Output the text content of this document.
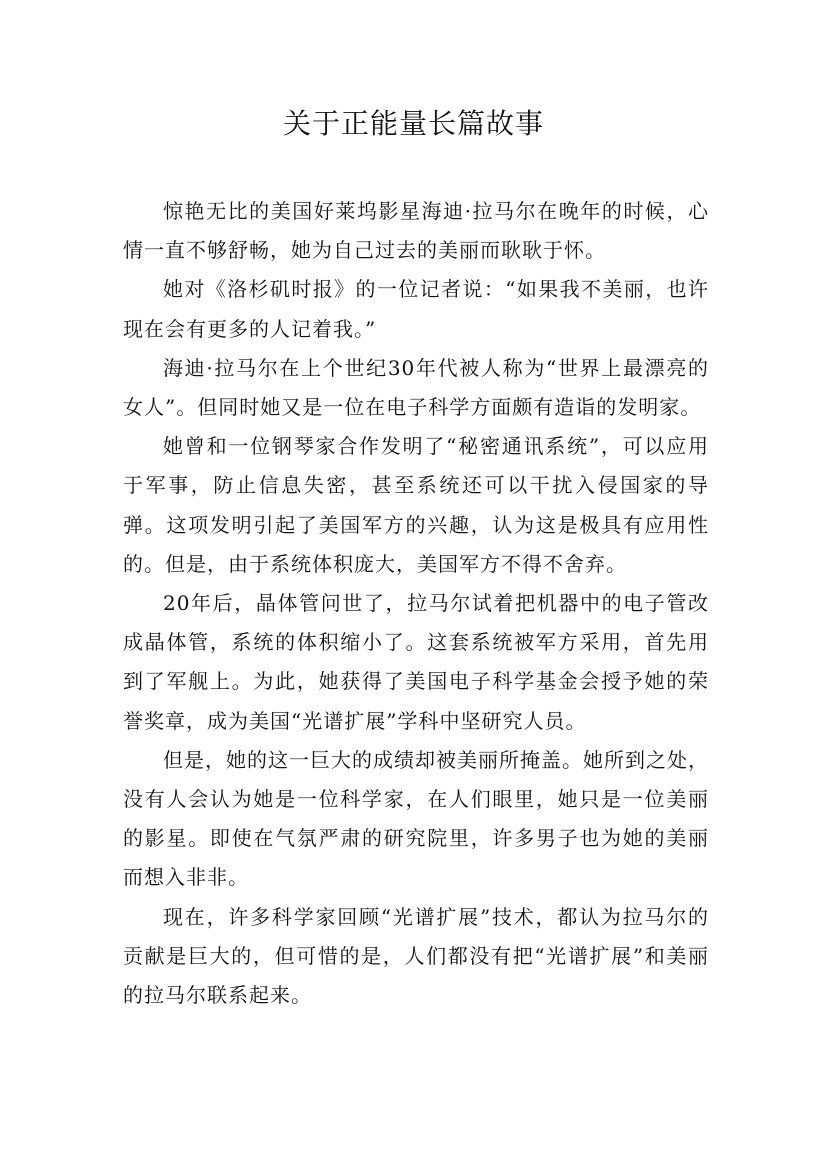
关于正能量长篇故事

惊艳无比的美国好莱坞影星海迪·拉马尔在晚年的时候，心情一直不够舒畅，她为自己过去的美丽而耿耿于怀。

她对《洛杉矶时报》的一位记者说：“如果我不美丽，也许现在会有更多的人记着我。”

海迪·拉马尔在上个世纪30年代被人称为“世界上最漂亮的女人”。但同时她又是一位在电子科学方面颇有造诣的发明家。

她曾和一位钢琴家合作发明了“秘密通讯系统”，可以应用于军事，防止信息失密，甚至系统还可以干扰入侵国家的导弹。这项发明引起了美国军方的兴趣，认为这是极具有应用性的。但是，由于系统体积庞大，美国军方不得不舍弃。

20年后，晶体管问世了，拉马尔试着把机器中的电子管改成晶体管，系统的体积缩小了。这套系统被军方采用，首先用到了军舰上。为此，她获得了美国电子科学基金会授予她的荣誉奖章，成为美国“光谱扩展”学科中坚研究人员。

但是，她的这一巨大的成绩却被美丽所掩盖。她所到之处，没有人会认为她是一位科学家，在人们眼里，她只是一位美丽的影星。即使在气氛严肃的研究院里，许多男子也为她的美丽而想入非非。

现在，许多科学家回顾“光谱扩展”技术，都认为拉马尔的贡献是巨大的，但可惜的是，人们都没有把“光谱扩展”和美丽的拉马尔联系起来。
